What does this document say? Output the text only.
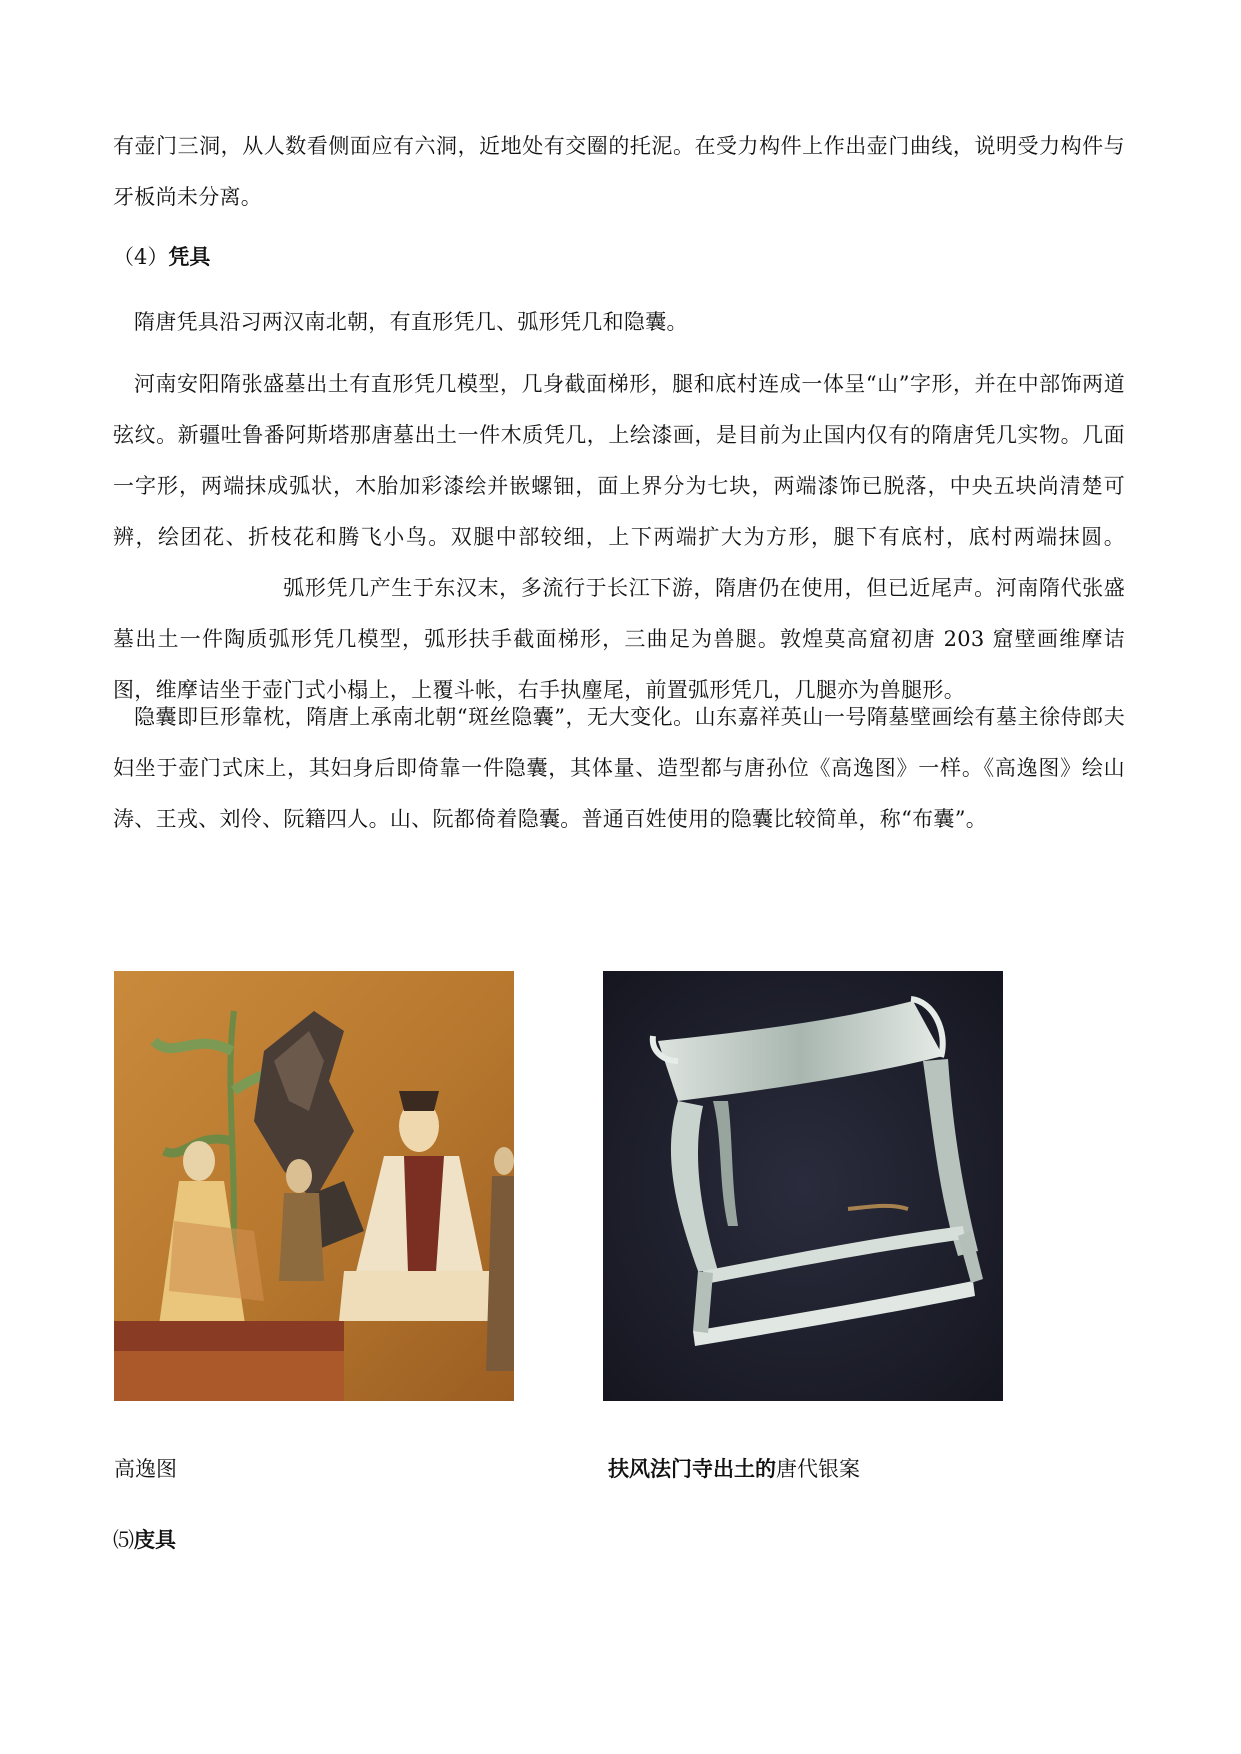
有壶门三洞，从人数看侧面应有六洞，近地处有交圈的托泥。在受力构件上作出壶门曲线，说明受力构件与牙板尚未分离。

（4）凭具

隋唐凭具沿习两汉南北朝，有直形凭几、弧形凭几和隐囊。

河南安阳隋张盛墓出土有直形凭几模型，几身截面梯形，腿和底村连成一体呈“山”字形，并在中部饰两道弦纹。新疆吐鲁番阿斯塔那唐墓出土一件木质凭几，上绘漆画，是目前为止国内仅有的隋唐凭几实物。几面一字形，两端抹成弧状，木胎加彩漆绘并嵌螺钿，面上界分为七块，两端漆饰已脱落，中央五块尚清楚可辨，绘团花、折枝花和腾飞小鸟。双腿中部较细，上下两端扩大为方形，腿下有底村，底村两端抹圆。弧形凭几产生于东汉末，多流行于长江下游，隋唐仍在使用，但已近尾声。河南隋代张盛墓出土一件陶质弧形凭几模型，弧形扶手截面梯形，三曲足为兽腿。敦煌莫高窟初唐 203 窟壁画维摩诘图，维摩诘坐于壶门式小榻上，上覆斗帐，右手执麈尾，前置弧形凭几，几腿亦为兽腿形。

隐囊即巨形靠枕，隋唐上承南北朝“斑丝隐囊”，无大变化。山东嘉祥英山一号隋墓壁画绘有墓主徐侍郎夫妇坐于壶门式床上，其妇身后即倚靠一件隐囊，其体量、造型都与唐孙位《高逸图》一样。《高逸图》绘山涛、王戎、刘伶、阮籍四人。山、阮都倚着隐囊。普通百姓使用的隐囊比较简单，称“布囊”。

高逸图	扶风法门寺出土的唐代银案

⑸庋具
